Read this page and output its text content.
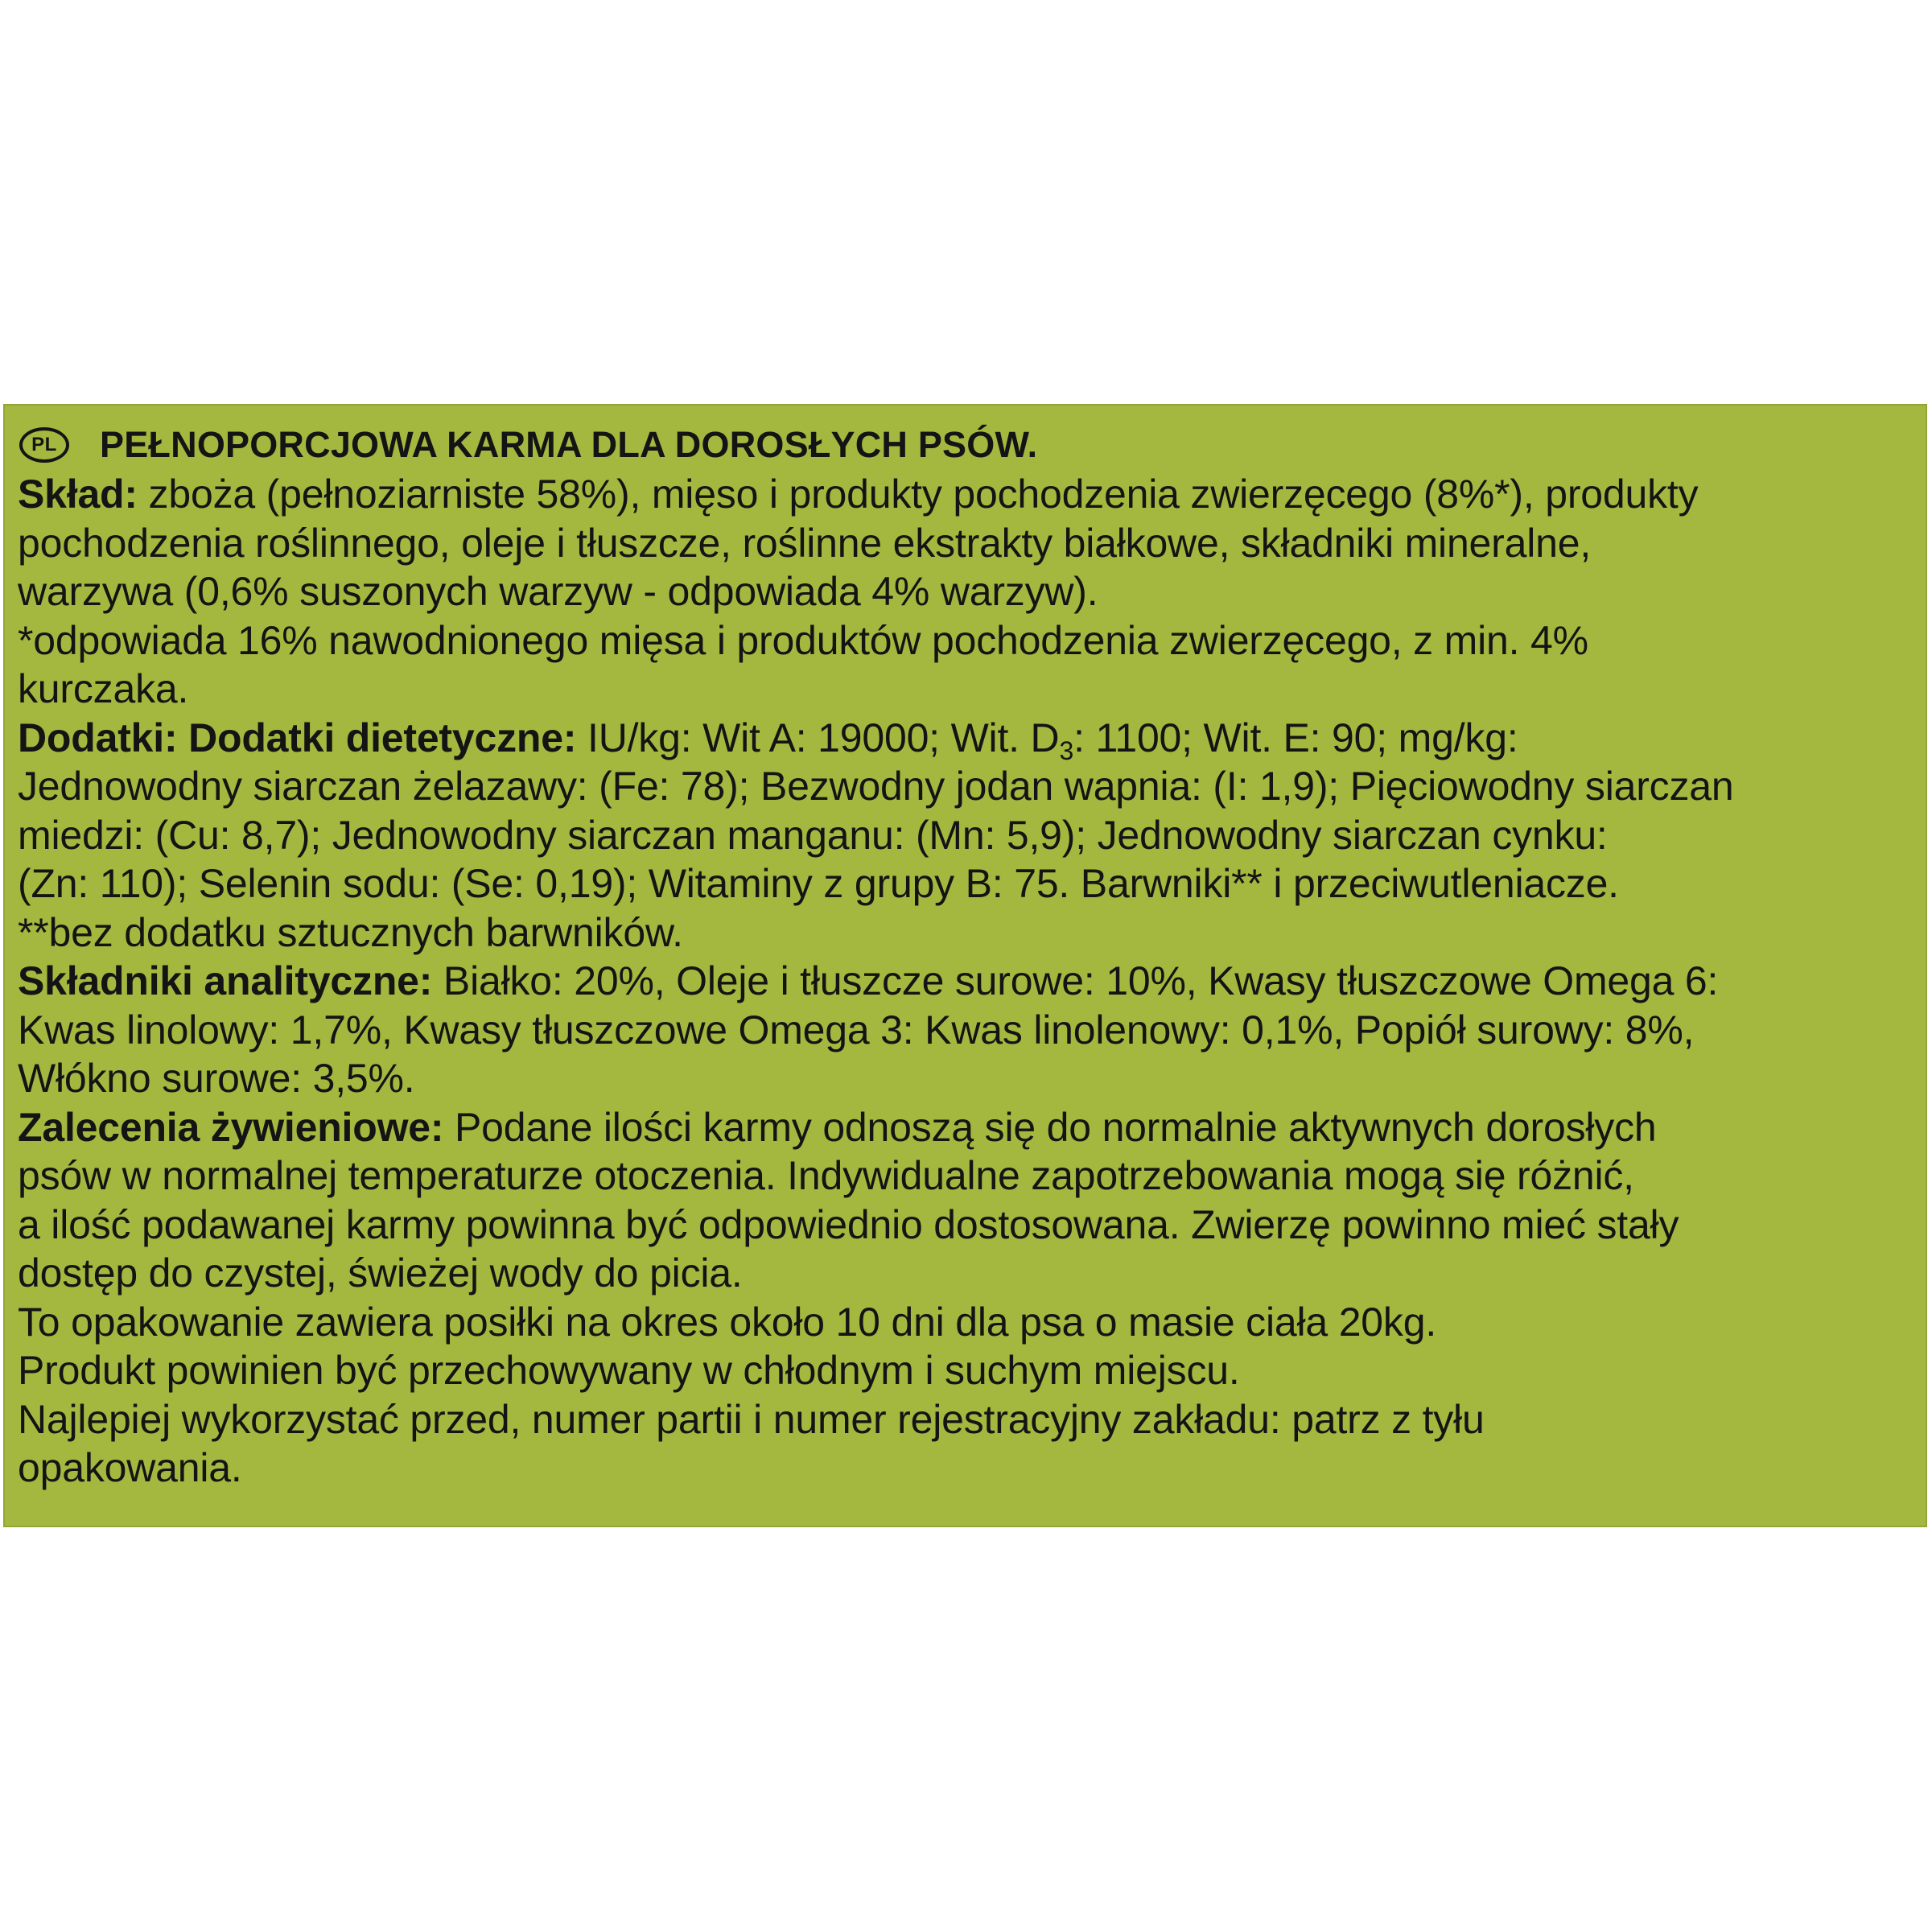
PL PEŁNOPORCJOWA KARMA DLA DOROSŁYCH PSÓW.
Skład: zboża (pełnoziarniste 58%), mięso i produkty pochodzenia zwierzęcego (8%*), produkty
pochodzenia roślinnego, oleje i tłuszcze, roślinne ekstrakty białkowe, składniki mineralne,
warzywa (0,6% suszonych warzyw - odpowiada 4% warzyw).
*odpowiada 16% nawodnionego mięsa i produktów pochodzenia zwierzęcego, z min. 4%
kurczaka.
Dodatki: Dodatki dietetyczne: IU/kg: Wit A: 19000; Wit. $D_3$: 1100; Wit. E: 90; mg/kg:
Jednowodny siarczan żelazawy: (Fe: 78); Bezwodny jodan wapnia: (I: 1,9); Pięciowodny siarczan
miedzi: (Cu: 8,7); Jednowodny siarczan manganu: (Mn: 5,9); Jednowodny siarczan cynku:
(Zn: 110); Selenin sodu: (Se: 0,19); Witaminy z grupy B: 75. Barwniki** i przeciwutleniacze.
**bez dodatku sztucznych barwników.
Składniki analityczne: Białko: 20%, Oleje i tłuszcze surowe: 10%, Kwasy tłuszczowe Omega 6:
Kwas linolowy: 1,7%, Kwasy tłuszczowe Omega 3: Kwas linolenowy: 0,1%, Popiół surowy: 8%,
Włókno surowe: 3,5%.
Zalecenia żywieniowe: Podane ilości karmy odnoszą się do normalnie aktywnych dorosłych
psów w normalnej temperaturze otoczenia. Indywidualne zapotrzebowania mogą się różnić,
a ilość podawanej karmy powinna być odpowiednio dostosowana. Zwierzę powinno mieć stały
dostęp do czystej, świeżej wody do picia.
To opakowanie zawiera posiłki na okres około 10 dni dla psa o masie ciała 20kg.
Produkt powinien być przechowywany w chłodnym i suchym miejscu.
Najlepiej wykorzystać przed, numer partii i numer rejestracyjny zakładu: patrz z tyłu
opakowania.
